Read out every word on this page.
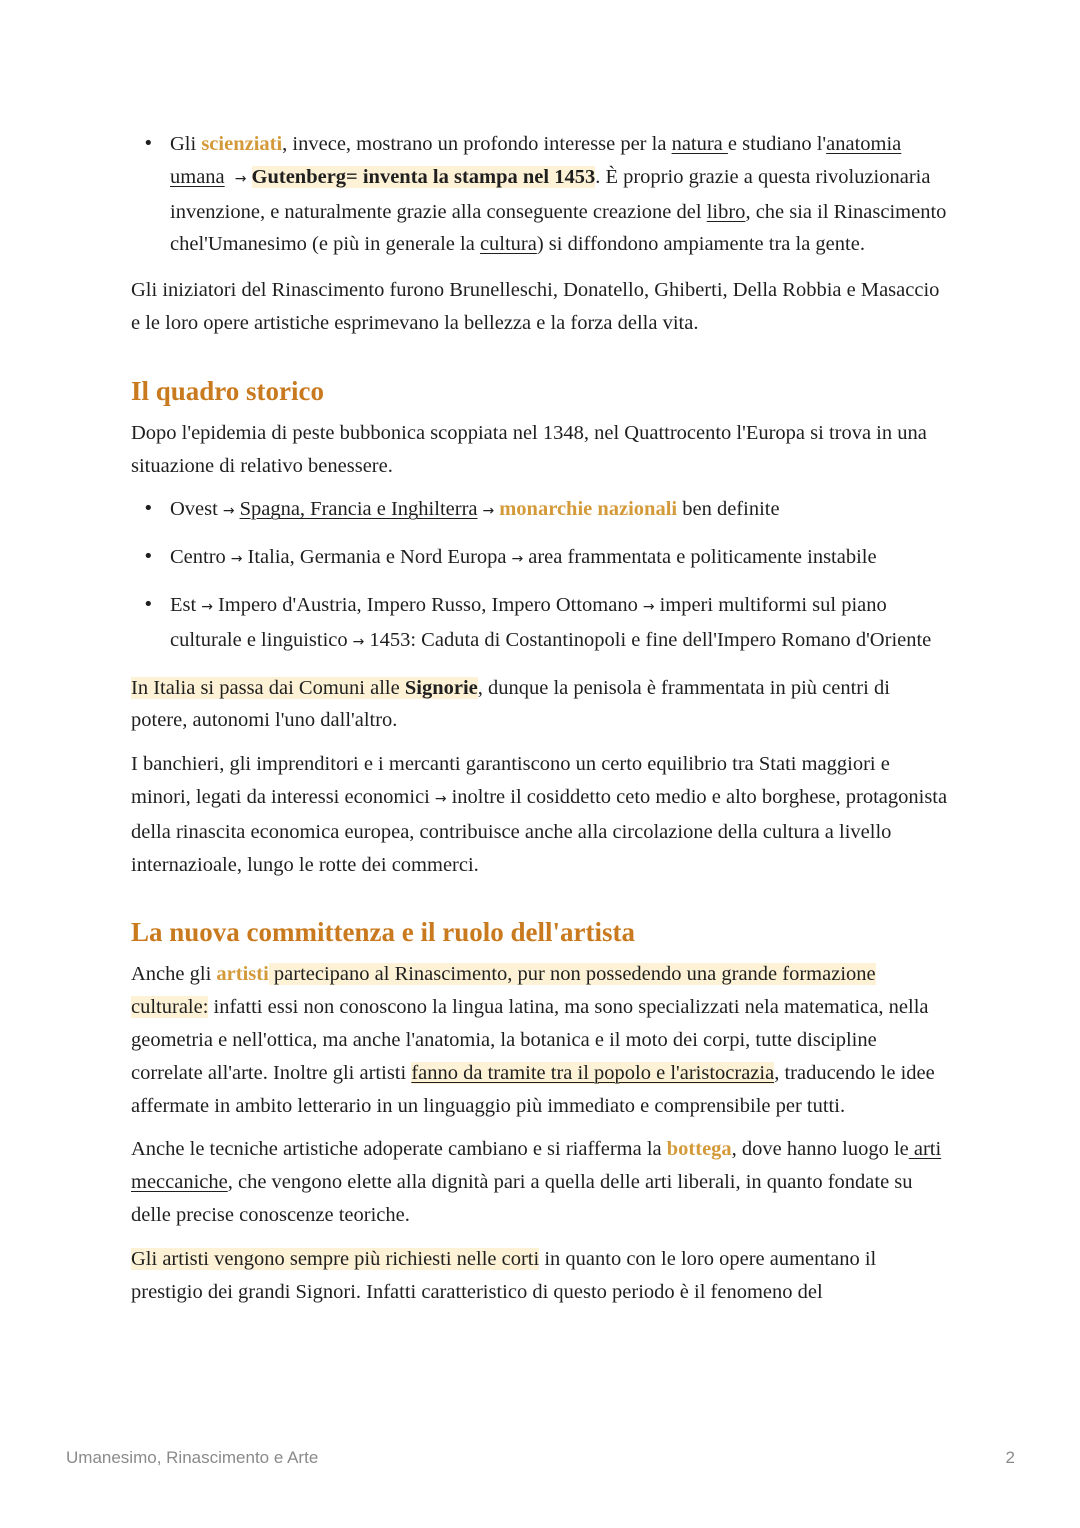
• Gli scienziati, invece, mostrano un profondo interesse per la natura e studiano l'anatomia umana → Gutenberg= inventa la stampa nel 1453. È proprio grazie a questa rivoluzionaria invenzione, e naturalmente grazie alla conseguente creazione del libro, che sia il Rinascimento chel'Umanesimo (e più in generale la cultura) si diffondono ampiamente tra la gente.

Gli iniziatori del Rinascimento furono Brunelleschi, Donatello, Ghiberti, Della Robbia e Masaccio e le loro opere artistiche esprimevano la bellezza e la forza della vita.

Il quadro storico

Dopo l'epidemia di peste bubbonica scoppiata nel 1348, nel Quattrocento l'Europa si trova in una situazione di relativo benessere.

• Ovest → Spagna, Francia e Inghilterra → monarchie nazionali ben definite
• Centro → Italia, Germania e Nord Europa → area frammentata e politicamente instabile
• Est → Impero d'Austria, Impero Russo, Impero Ottomano → imperi multiformi sul piano culturale e linguistico → 1453: Caduta di Costantinopoli e fine dell'Impero Romano d'Oriente

In Italia si passa dai Comuni alle Signorie, dunque la penisola è frammentata in più centri di potere, autonomi l'uno dall'altro.

I banchieri, gli imprenditori e i mercanti garantiscono un certo equilibrio tra Stati maggiori e minori, legati da interessi economici → inoltre il cosiddetto ceto medio e alto borghese, protagonista della rinascita economica europea, contribuisce anche alla circolazione della cultura a livello internazioale, lungo le rotte dei commerci.

La nuova committenza e il ruolo dell'artista

Anche gli artisti partecipano al Rinascimento, pur non possedendo una grande formazione culturale: infatti essi non conoscono la lingua latina, ma sono specializzati nela matematica, nella geometria e nell'ottica, ma anche l'anatomia, la botanica e il moto dei corpi, tutte discipline correlate all'arte. Inoltre gli artisti fanno da tramite tra il popolo e l'aristocrazia, traducendo le idee affermate in ambito letterario in un linguaggio più immediato e comprensibile per tutti.

Anche le tecniche artistiche adoperate cambiano e si riafferma la bottega, dove hanno luogo le arti meccaniche, che vengono elette alla dignità pari a quella delle arti liberali, in quanto fondate su delle precise conoscenze teoriche.

Gli artisti vengono sempre più richiesti nelle corti in quanto con le loro opere aumentano il prestigio dei grandi Signori. Infatti caratteristico di questo periodo è il fenomeno del

Umanesimo, Rinascimento e Arte	2
